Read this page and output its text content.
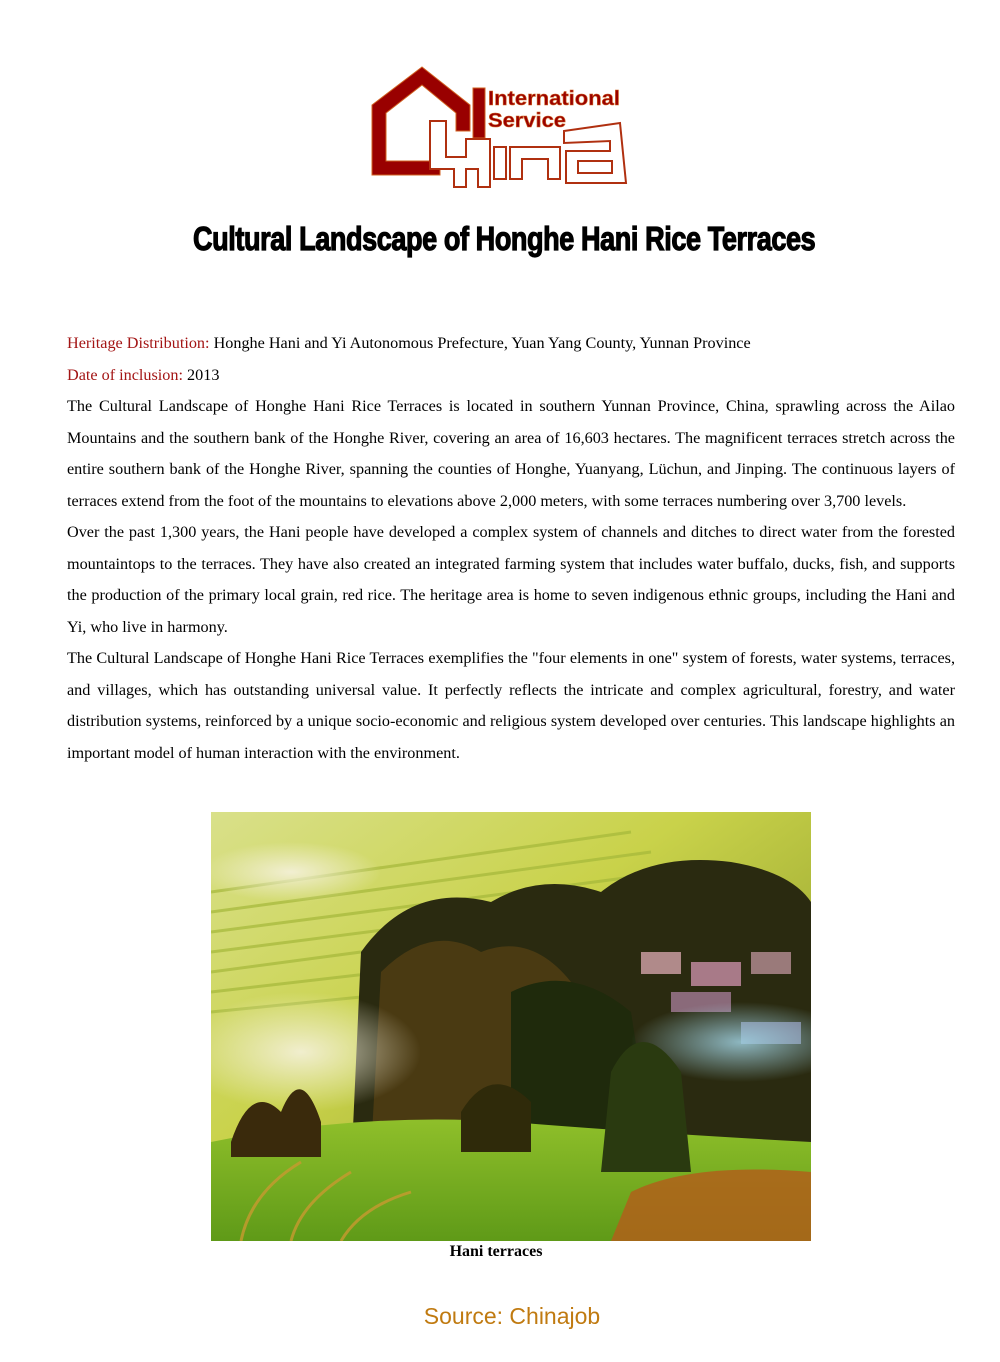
International
Service
Cultural Landscape of Honghe Hani Rice Terraces

Heritage Distribution: Honghe Hani and Yi Autonomous Prefecture, Yuan Yang County, Yunnan Province

Date of inclusion: 2013

The Cultural Landscape of Honghe Hani Rice Terraces is located in southern Yunnan Province, China, sprawling across the Ailao Mountains and the southern bank of the Honghe River, covering an area of 16,603 hectares. The magnificent terraces stretch across the entire southern bank of the Honghe River, spanning the counties of Honghe, Yuanyang, Lüchun, and Jinping. The continuous layers of terraces extend from the foot of the mountains to elevations above 2,000 meters, with some terraces numbering over 3,700 levels.

Over the past 1,300 years, the Hani people have developed a complex system of channels and ditches to direct water from the forested mountaintops to the terraces. They have also created an integrated farming system that includes water buffalo, ducks, fish, and supports the production of the primary local grain, red rice. The heritage area is home to seven indigenous ethnic groups, including the Hani and Yi, who live in harmony.

The Cultural Landscape of Honghe Hani Rice Terraces exemplifies the "four elements in one" system of forests, water systems, terraces, and villages, which has outstanding universal value. It perfectly reflects the intricate and complex agricultural, forestry, and water distribution systems, reinforced by a unique socio-economic and religious system developed over centuries. This landscape highlights an important model of human interaction with the environment.

Hani terraces
Source: Chinajob
